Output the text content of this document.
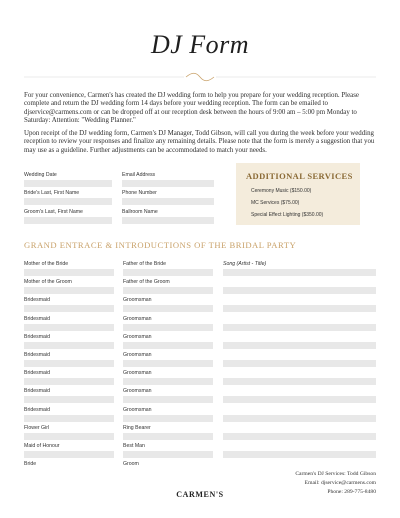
DJ Form

For your convenience, Carmen's has created the DJ wedding form to help you prepare for your wedding reception. Please complete and return the DJ wedding form 14 days before your wedding reception. The form can be emailed to djservice@carmens.com or can be dropped off at our reception desk between the hours of 9:00 am – 5:00 pm Monday to Saturday: Attention: "Wedding Planner."

Upon receipt of the DJ wedding form, Carmen's DJ Manager, Todd Gibson, will call you during the week before your wedding reception to review your responses and finalize any remaining details. Please note that the form is merely a suggestion that you may use as a guideline. Further adjustments can be accommodated to match your needs.

Wedding Date	Email Address
Bride's Last, First Name	Phone Number
Groom's Last, First Name	Ballroom Name
ADDITIONAL SERVICES
Ceremony Music ($150.00)
MC Services ($75.00)
Special Effect Lighting ($350.00)
GRAND ENTRACE & INTRODUCTIONS OF THE BRIDAL PARTY
Song (Artist - Title)
Mother of the Bride	Father of the Bride
Mother of the Groom	Father of the Groom
Bridesmaid	Groomsman
Bridesmaid	Groomsman
Bridesmaid	Groomsman
Bridesmaid	Groomsman
Bridesmaid	Groomsman
Bridesmaid	Groomsman
Bridesmaid	Groomsman
Flower Girl	Ring Bearer
Maid of Honour	Best Man
Bride	Groom
Carmen's DJ Services: Todd Gibson
Email: djservice@carmens.com
Phone: 289-775-8480
CARMEN'S
